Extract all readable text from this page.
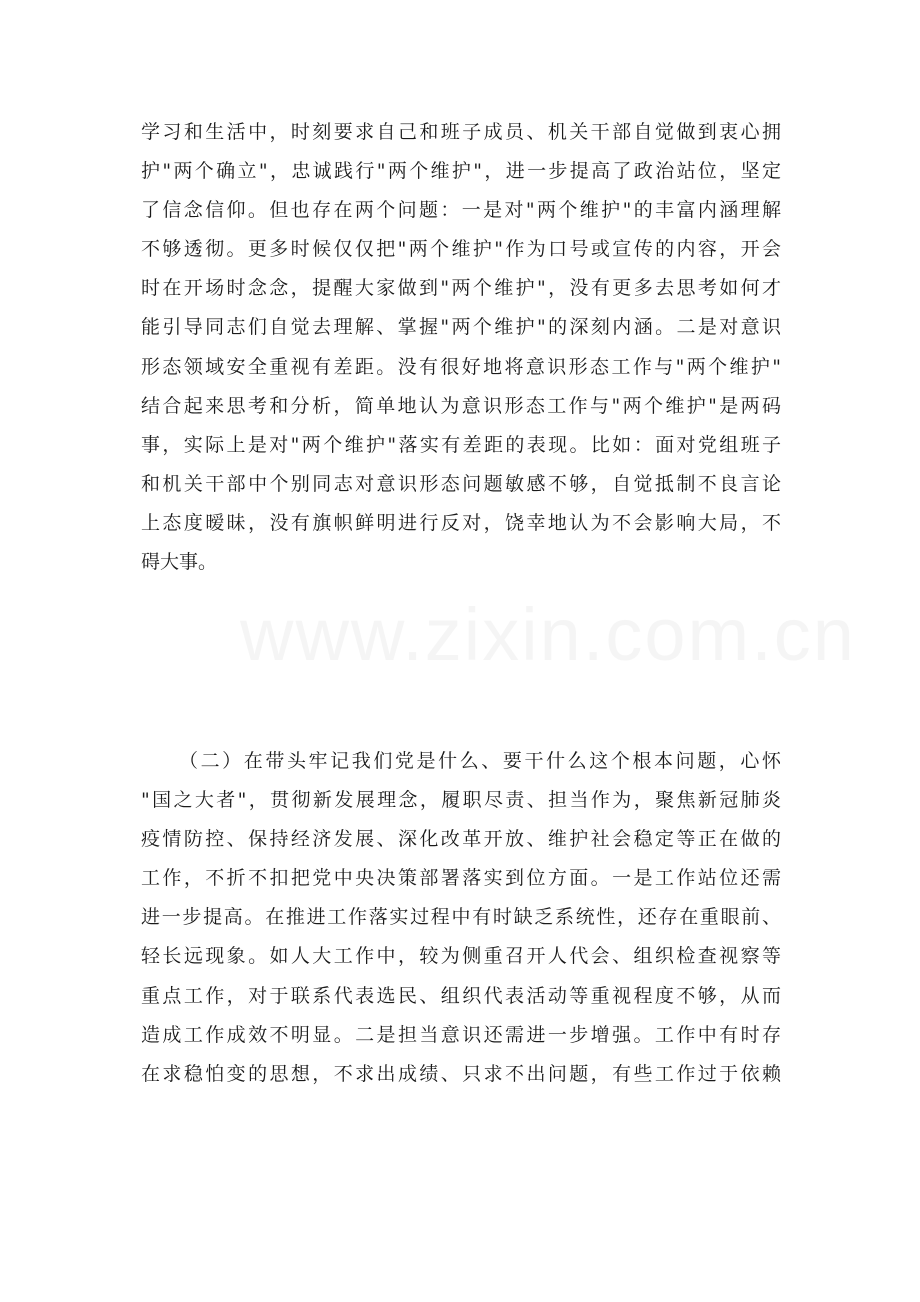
www.zixin.com.cn
学习和生活中，时刻要求自己和班子成员、机关干部自觉做到衷心拥
护"两个确立"，忠诚践行"两个维护"，进一步提高了政治站位，坚定
了信念信仰。但也存在两个问题：一是对"两个维护"的丰富内涵理解
不够透彻。更多时候仅仅把"两个维护"作为口号或宣传的内容，开会
时在开场时念念，提醒大家做到"两个维护"，没有更多去思考如何才
能引导同志们自觉去理解、掌握"两个维护"的深刻内涵。二是对意识
形态领域安全重视有差距。没有很好地将意识形态工作与"两个维护"
结合起来思考和分析，简单地认为意识形态工作与"两个维护"是两码
事，实际上是对"两个维护"落实有差距的表现。比如：面对党组班子
和机关干部中个别同志对意识形态问题敏感不够，自觉抵制不良言论
上态度暧昧，没有旗帜鲜明进行反对，饶幸地认为不会影响大局，不
碍大事。
（二）在带头牢记我们党是什么、要干什么这个根本问题，心怀
"国之大者"，贯彻新发展理念，履职尽责、担当作为，聚焦新冠肺炎
疫情防控、保持经济发展、深化改革开放、维护社会稳定等正在做的
工作，不折不扣把党中央决策部署落实到位方面。一是工作站位还需
进一步提高。在推进工作落实过程中有时缺乏系统性，还存在重眼前、
轻长远现象。如人大工作中，较为侧重召开人代会、组织检查视察等
重点工作，对于联系代表选民、组织代表活动等重视程度不够，从而
造成工作成效不明显。二是担当意识还需进一步增强。工作中有时存
在求稳怕变的思想，不求出成绩、只求不出问题，有些工作过于依赖
